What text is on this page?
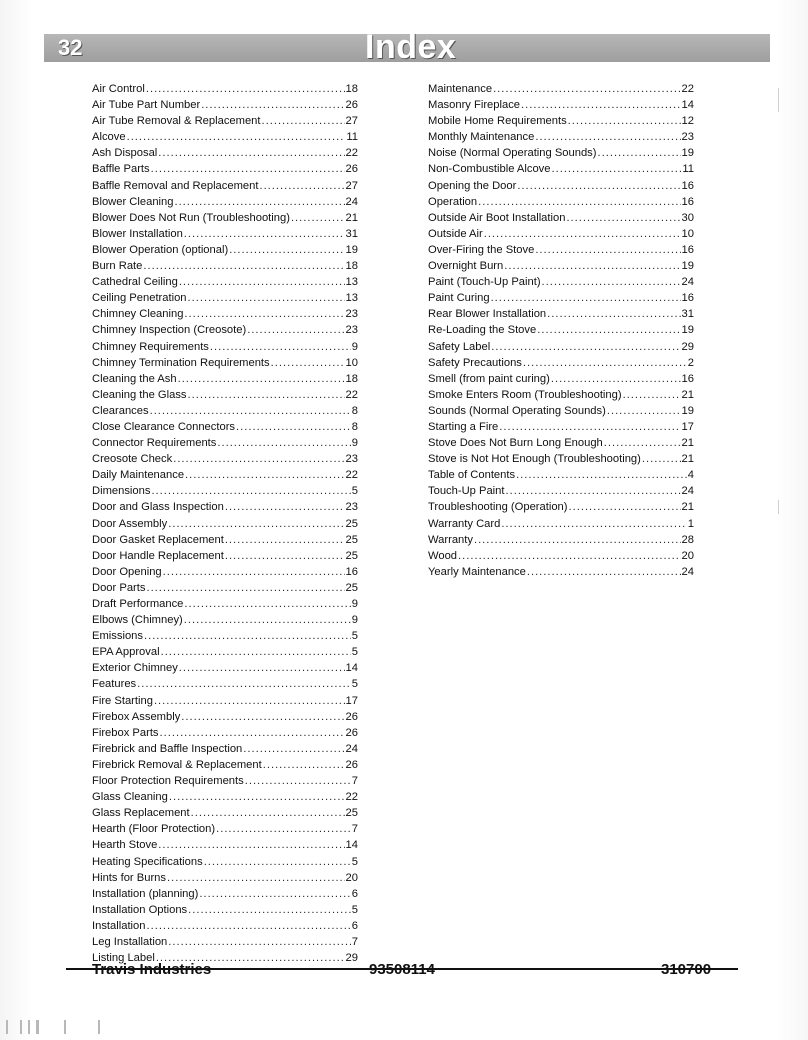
32	Index
Air Control .....	18
Air Tube Part Number .....	26
Air Tube Removal & Replacement .....	27
Alcove .....	11
Ash Disposal .....	22
Baffle Parts .....	26
Baffle Removal and Replacement .....	27
Blower Cleaning .....	24
Blower Does Not Run (Troubleshooting) .....	21
Blower Installation .....	31
Blower Operation (optional) .....	19
Burn Rate .....	18
Cathedral Ceiling .....	13
Ceiling Penetration .....	13
Chimney Cleaning .....	23
Chimney Inspection (Creosote) .....	23
Chimney Requirements .....	9
Chimney Termination Requirements .....	10
Cleaning the Ash .....	18
Cleaning the Glass .....	22
Clearances .....	8
Close Clearance Connectors .....	8
Connector Requirements .....	9
Creosote Check .....	23
Daily Maintenance .....	22
Dimensions .....	5
Door and Glass Inspection .....	23
Door Assembly .....	25
Door Gasket Replacement .....	25
Door Handle Replacement .....	25
Door Opening .....	16
Door Parts .....	25
Draft Performance .....	9
Elbows (Chimney) .....	9
Emissions .....	5
EPA Approval .....	5
Exterior Chimney .....	14
Features .....	5
Fire Starting .....	17
Firebox Assembly .....	26
Firebox Parts .....	26
Firebrick and Baffle Inspection .....	24
Firebrick Removal & Replacement .....	26
Floor Protection Requirements .....	7
Glass Cleaning .....	22
Glass Replacement .....	25
Hearth (Floor Protection) .....	7
Hearth Stove .....	14
Heating Specifications .....	5
Hints for Burns .....	20
Installation (planning) .....	6
Installation Options .....	5
Installation .....	6
Leg Installation .....	7
Listing Label .....	29
Maintenance .....	22
Masonry Fireplace .....	14
Mobile Home Requirements .....	12
Monthly Maintenance .....	23
Noise (Normal Operating Sounds) .....	19
Non-Combustible Alcove .....	11
Opening the Door .....	16
Operation .....	16
Outside Air Boot Installation .....	30
Outside Air .....	10
Over-Firing the Stove .....	16
Overnight Burn .....	19
Paint (Touch-Up Paint) .....	24
Paint Curing .....	16
Rear Blower Installation .....	31
Re-Loading the Stove .....	19
Safety Label .....	29
Safety Precautions .....	2
Smell (from paint curing) .....	16
Smoke Enters Room (Troubleshooting) .....	21
Sounds (Normal Operating Sounds) .....	19
Starting a Fire .....	17
Stove Does Not Burn Long Enough .....	21
Stove is Not Hot Enough (Troubleshooting) .....	21
Table of Contents .....	4
Touch-Up Paint .....	24
Troubleshooting (Operation) .....	21
Warranty Card .....	1
Warranty .....	28
Wood .....	20
Yearly Maintenance .....	24
Travis Industries	93508114	310700
